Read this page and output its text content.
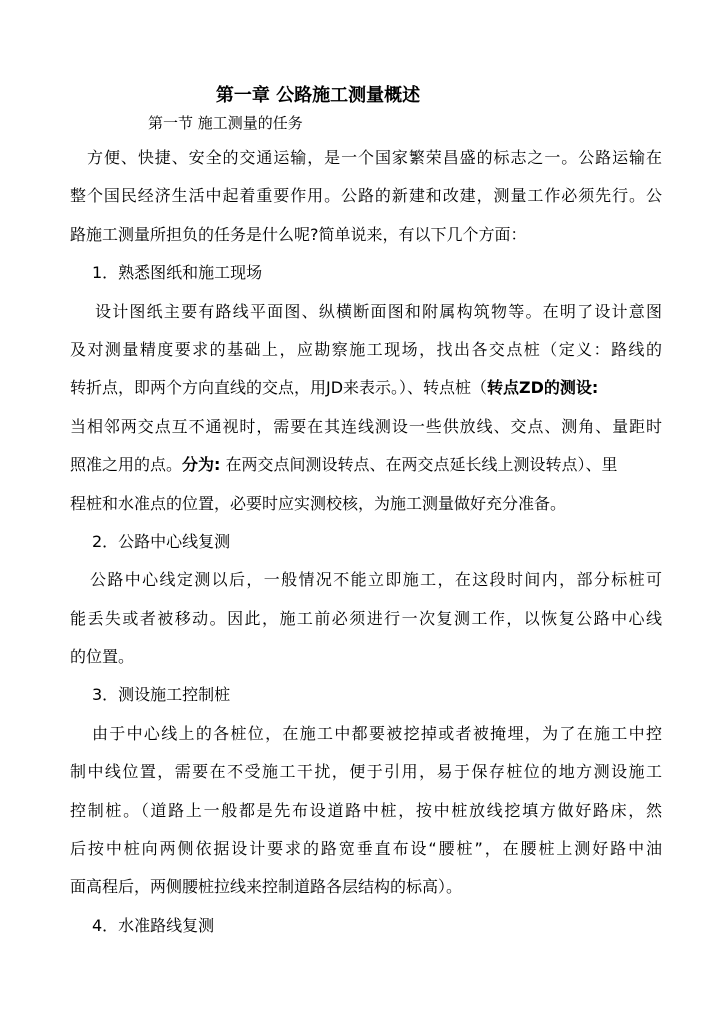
第一章 公路施工测量概述
第一节 施工测量的任务
方便、快捷、安全的交通运输，是一个国家繁荣昌盛的标志之一。公路运输在
整个国民经济生活中起着重要作用。公路的新建和改建，测量工作必须先行。公
路施工测量所担负的任务是什么呢?简单说来，有以下几个方面：
1．熟悉图纸和施工现场
设计图纸主要有路线平面图、纵横断面图和附属构筑物等。在明了设计意图
及对测量精度要求的基础上，应勘察施工现场，找出各交点桩（定义：路线的
转折点，即两个方向直线的交点，用JD来表示。）、转点桩（转点ZD的测设:
当相邻两交点互不通视时，需要在其连线测设一些供放线、交点、测角、量距时
照准之用的点。分为: 在两交点间测设转点、在两交点延长线上测设转点）、里
程桩和水准点的位置，必要时应实测校核，为施工测量做好充分准备。
2．公路中心线复测
公路中心线定测以后，一般情况不能立即施工，在这段时间内，部分标桩可
能丢失或者被移动。因此，施工前必须进行一次复测工作，以恢复公路中心线
的位置。
3．测设施工控制桩
由于中心线上的各桩位，在施工中都要被挖掉或者被掩埋，为了在施工中控
制中线位置，需要在不受施工干扰，便于引用，易于保存桩位的地方测设施工
控制桩。（道路上一般都是先布设道路中桩，按中桩放线挖填方做好路床，然
后按中桩向两侧依据设计要求的路宽垂直布设“腰桩”，在腰桩上测好路中油
面高程后，两侧腰桩拉线来控制道路各层结构的标高）。
4．水准路线复测
